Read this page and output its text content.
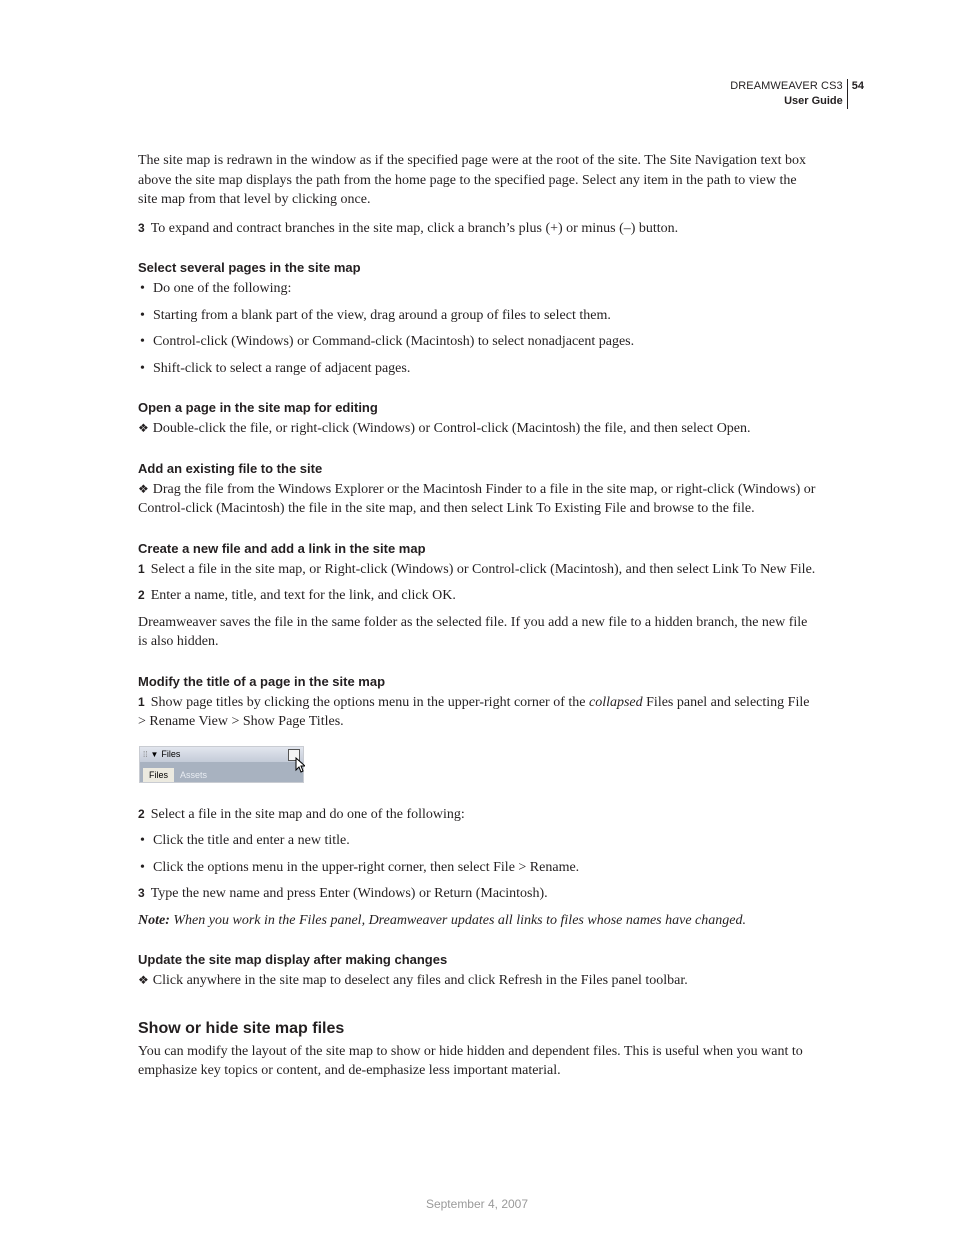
DREAMWEAVER CS3
User Guide
54

The site map is redrawn in the window as if the specified page were at the root of the site. The Site Navigation text box above the site map displays the path from the home page to the specified page. Select any item in the path to view the site map from that level by clicking once.

3 To expand and contract branches in the site map, click a branch’s plus (+) or minus (–) button.

Select several pages in the site map

• Do one of the following:

• Starting from a blank part of the view, drag around a group of files to select them.

• Control-click (Windows) or Command-click (Macintosh) to select nonadjacent pages.

• Shift-click to select a range of adjacent pages.

Open a page in the site map for editing

❖ Double-click the file, or right-click (Windows) or Control-click (Macintosh) the file, and then select Open.

Add an existing file to the site

❖ Drag the file from the Windows Explorer or the Macintosh Finder to a file in the site map, or right-click (Windows) or Control-click (Macintosh) the file in the site map, and then select Link To Existing File and browse to the file.

Create a new file and add a link in the site map

1 Select a file in the site map, or Right-click (Windows) or Control-click (Macintosh), and then select Link To New File.

2 Enter a name, title, and text for the link, and click OK.

Dreamweaver saves the file in the same folder as the selected file. If you add a new file to a hidden branch, the new file is also hidden.

Modify the title of a page in the site map

1 Show page titles by clicking the options menu in the upper-right corner of the collapsed Files panel and selecting File > Rename View > Show Page Titles.

⁞⁞ ▼ Files
Files	Assets

2 Select a file in the site map and do one of the following:

• Click the title and enter a new title.

• Click the options menu in the upper-right corner, then select File > Rename.

3 Type the new name and press Enter (Windows) or Return (Macintosh).

Note: When you work in the Files panel, Dreamweaver updates all links to files whose names have changed.

Update the site map display after making changes

❖ Click anywhere in the site map to deselect any files and click Refresh in the Files panel toolbar.

Show or hide site map files

You can modify the layout of the site map to show or hide hidden and dependent files. This is useful when you want to emphasize key topics or content, and de-emphasize less important material.

September 4, 2007
